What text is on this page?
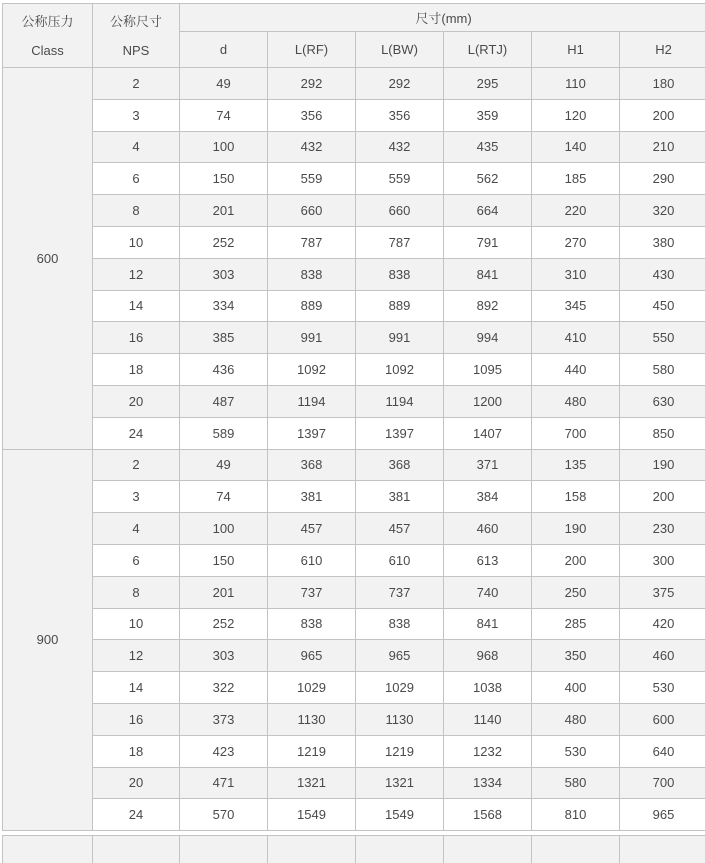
公称压力
Class	公称尺寸
NPS	尺寸(mm)					
		d	L(RF)	L(BW)	L(RTJ)	H1	H2
600	2	49	292	292	295	110	180
	3	74	356	356	359	120	200
	4	100	432	432	435	140	210
	6	150	559	559	562	185	290
	8	201	660	660	664	220	320
	10	252	787	787	791	270	380
	12	303	838	838	841	310	430
	14	334	889	889	892	345	450
	16	385	991	991	994	410	550
	18	436	1092	1092	1095	440	580
	20	487	1194	1194	1200	480	630
	24	589	1397	1397	1407	700	850
900	2	49	368	368	371	135	190
	3	74	381	381	384	158	200
	4	100	457	457	460	190	230
	6	150	610	610	613	200	300
	8	201	737	737	740	250	375
	10	252	838	838	841	285	420
	12	303	965	965	968	350	460
	14	322	1029	1029	1038	400	530
	16	373	1130	1130	1140	480	600
	18	423	1219	1219	1232	530	640
	20	471	1321	1321	1334	580	700
	24	570	1549	1549	1568	810	965
